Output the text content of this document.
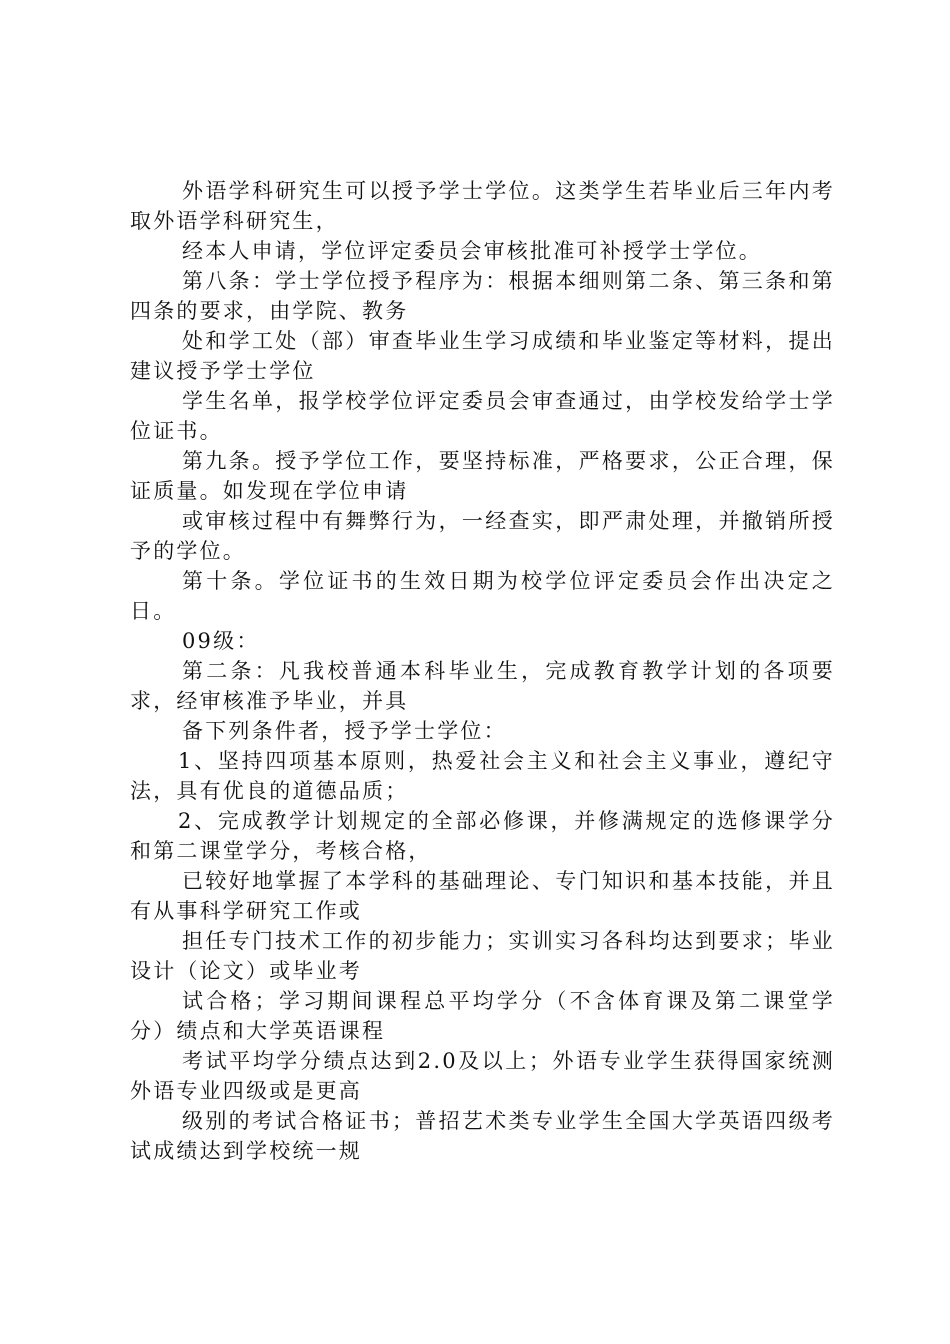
外语学科研究生可以授予学士学位。这类学生若毕业后三年内考取外语学科研究生，

经本人申请，学位评定委员会审核批准可补授学士学位。

第八条：学士学位授予程序为：根据本细则第二条、第三条和第四条的要求，由学院、教务

处和学工处（部）审查毕业生学习成绩和毕业鉴定等材料，提出建议授予学士学位

学生名单，报学校学位评定委员会审查通过，由学校发给学士学位证书。

第九条。授予学位工作，要坚持标准，严格要求，公正合理，保证质量。如发现在学位申请

或审核过程中有舞弊行为，一经查实，即严肃处理，并撤销所授予的学位。

第十条。学位证书的生效日期为校学位评定委员会作出决定之日。

09级：

第二条：凡我校普通本科毕业生，完成教育教学计划的各项要求，经审核准予毕业，并具

备下列条件者，授予学士学位：

1、坚持四项基本原则，热爱社会主义和社会主义事业，遵纪守法，具有优良的道德品质；

2、完成教学计划规定的全部必修课，并修满规定的选修课学分和第二课堂学分，考核合格，

已较好地掌握了本学科的基础理论、专门知识和基本技能，并且有从事科学研究工作或

担任专门技术工作的初步能力；实训实习各科均达到要求；毕业设计（论文）或毕业考

试合格；学习期间课程总平均学分（不含体育课及第二课堂学分）绩点和大学英语课程

考试平均学分绩点达到2.0及以上；外语专业学生获得国家统测外语专业四级或是更高

级别的考试合格证书；普招艺术类专业学生全国大学英语四级考试成绩达到学校统一规
